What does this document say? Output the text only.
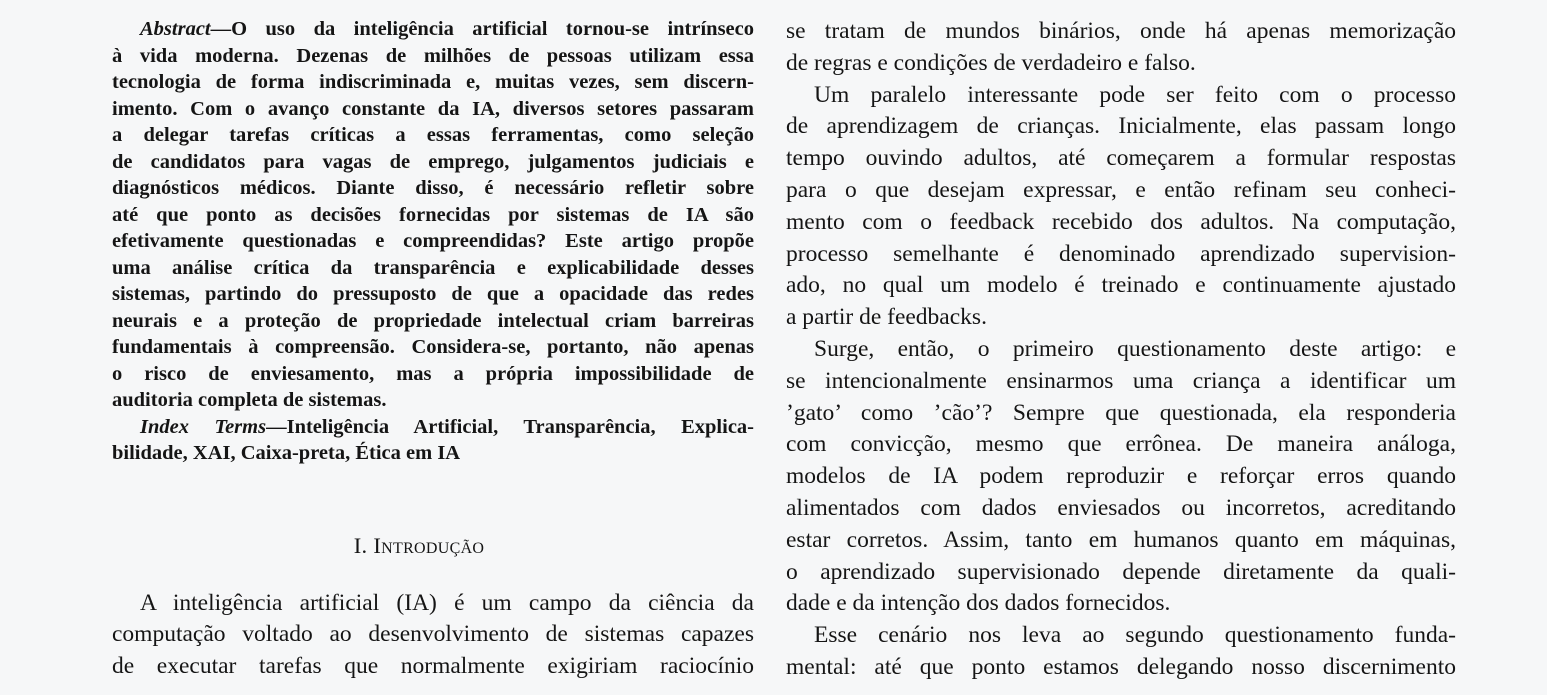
Abstract—O uso da inteligência artificial tornou-se intrínseco
à vida moderna. Dezenas de milhões de pessoas utilizam essa
tecnologia de forma indiscriminada e, muitas vezes, sem discern-
imento. Com o avanço constante da IA, diversos setores passaram
a delegar tarefas críticas a essas ferramentas, como seleção
de candidatos para vagas de emprego, julgamentos judiciais e
diagnósticos médicos. Diante disso, é necessário refletir sobre
até que ponto as decisões fornecidas por sistemas de IA são
efetivamente questionadas e compreendidas? Este artigo propõe
uma análise crítica da transparência e explicabilidade desses
sistemas, partindo do pressuposto de que a opacidade das redes
neurais e a proteção de propriedade intelectual criam barreiras
fundamentais à compreensão. Considera-se, portanto, não apenas
o risco de enviesamento, mas a própria impossibilidade de
auditoria completa de sistemas.
Index Terms—Inteligência Artificial, Transparência, Explica-
bilidade, XAI, Caixa-preta, Ética em IA
I. Introdução
A inteligência artificial (IA) é um campo da ciência da
computação voltado ao desenvolvimento de sistemas capazes
de executar tarefas que normalmente exigiriam raciocínio
se tratam de mundos binários, onde há apenas memorização
de regras e condições de verdadeiro e falso.
Um paralelo interessante pode ser feito com o processo
de aprendizagem de crianças. Inicialmente, elas passam longo
tempo ouvindo adultos, até começarem a formular respostas
para o que desejam expressar, e então refinam seu conheci-
mento com o feedback recebido dos adultos. Na computação,
processo semelhante é denominado aprendizado supervision-
ado, no qual um modelo é treinado e continuamente ajustado
a partir de feedbacks.
Surge, então, o primeiro questionamento deste artigo: e
se intencionalmente ensinarmos uma criança a identificar um
’gato’ como ’cão’? Sempre que questionada, ela responderia
com convicção, mesmo que errônea. De maneira análoga,
modelos de IA podem reproduzir e reforçar erros quando
alimentados com dados enviesados ou incorretos, acreditando
estar corretos. Assim, tanto em humanos quanto em máquinas,
o aprendizado supervisionado depende diretamente da quali-
dade e da intenção dos dados fornecidos.
Esse cenário nos leva ao segundo questionamento funda-
mental: até que ponto estamos delegando nosso discernimento
